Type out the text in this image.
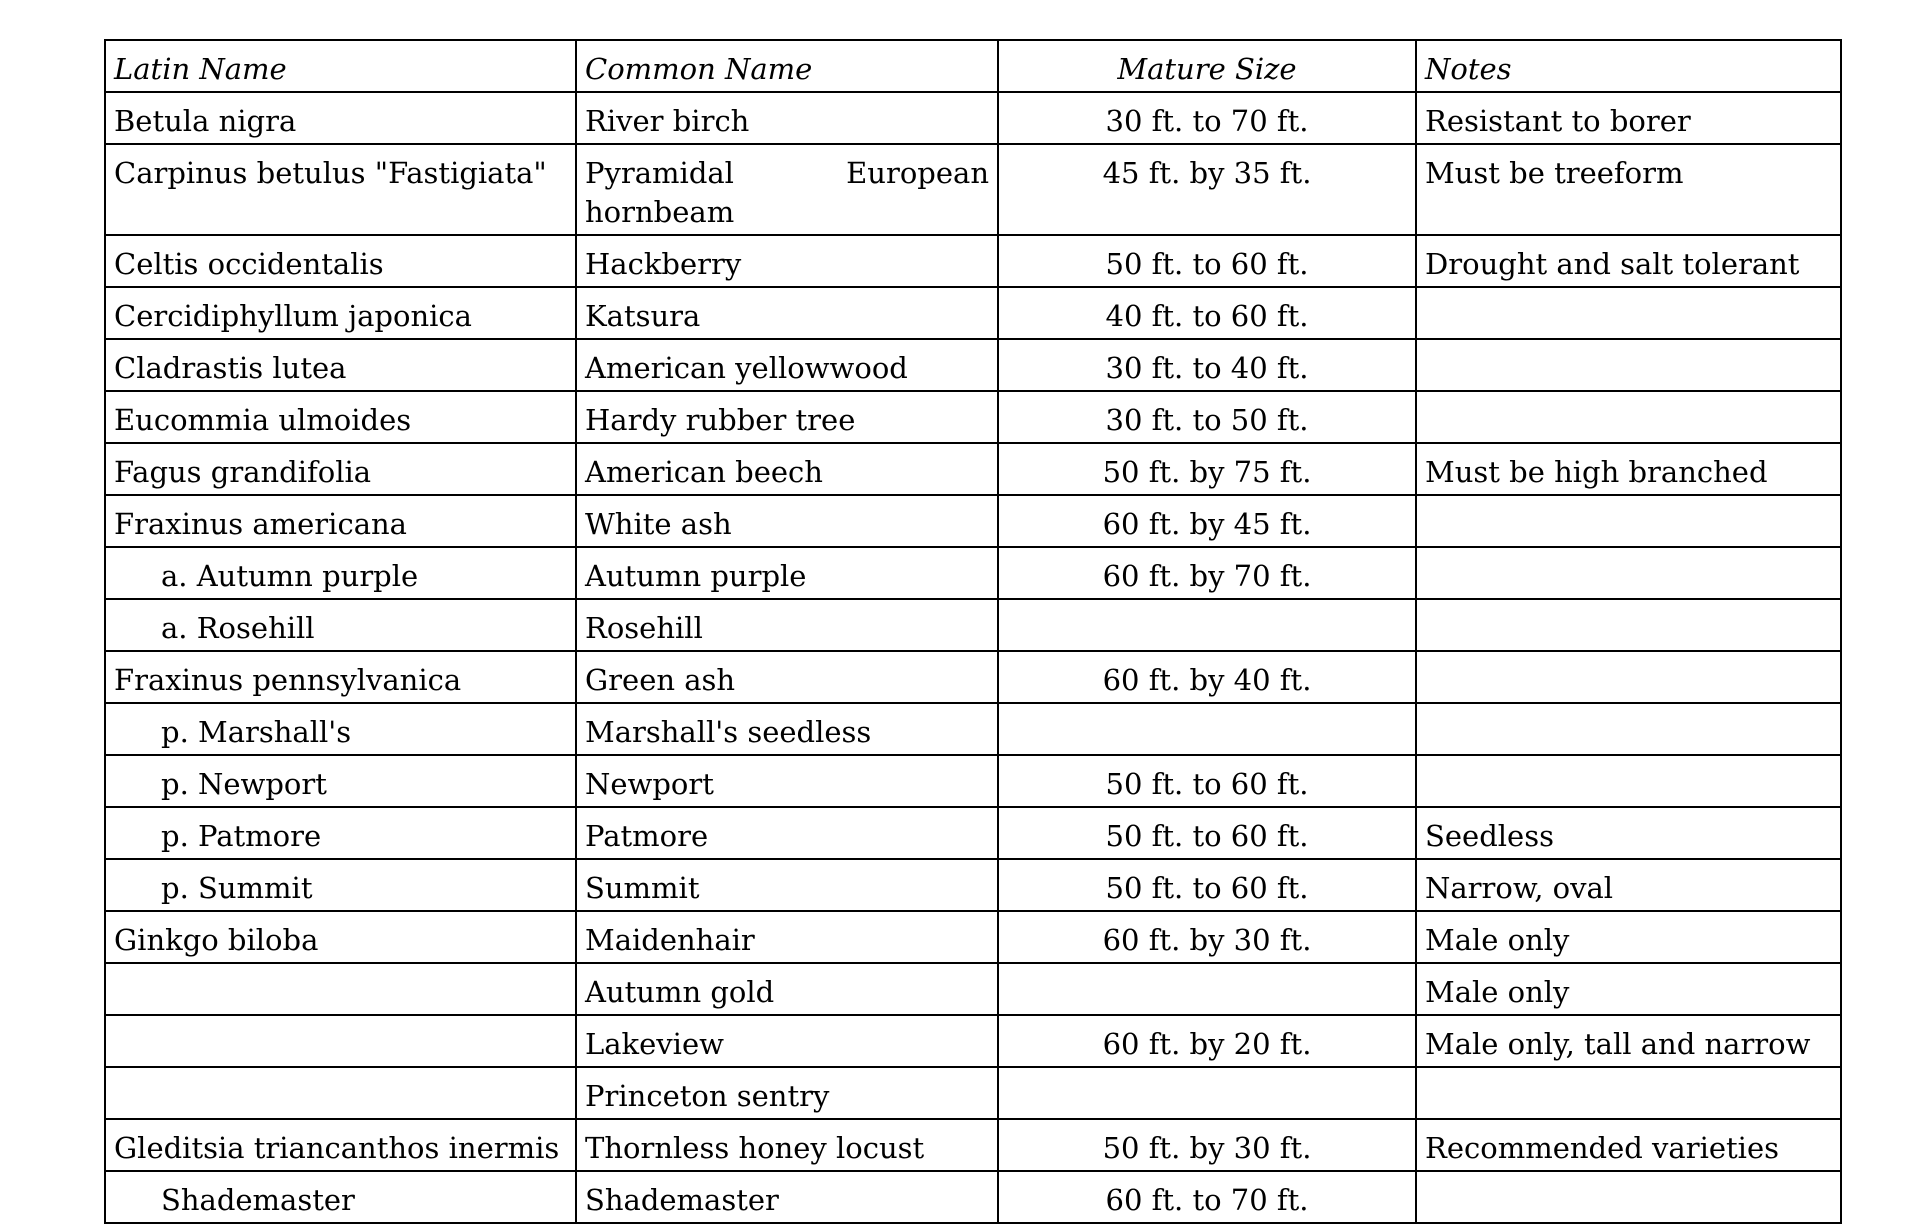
Latin Name	Common Name	Mature Size	Notes
Betula nigra	River birch	30 ft. to 70 ft.	Resistant to borer
Carpinus betulus "Fastigiata"	Pyramidal European hornbeam	45 ft. by 35 ft.	Must be treeform
Celtis occidentalis	Hackberry	50 ft. to 60 ft.	Drought and salt tolerant
Cercidiphyllum japonica	Katsura	40 ft. to 60 ft.	
Cladrastis lutea	American yellowwood	30 ft. to 40 ft.	
Eucommia ulmoides	Hardy rubber tree	30 ft. to 50 ft.	
Fagus grandifolia	American beech	50 ft. by 75 ft.	Must be high branched
Fraxinus americana	White ash	60 ft. by 45 ft.	
a. Autumn purple	Autumn purple	60 ft. by 70 ft.	
a. Rosehill	Rosehill		
Fraxinus pennsylvanica	Green ash	60 ft. by 40 ft.	
p. Marshall's	Marshall's seedless		
p. Newport	Newport	50 ft. to 60 ft.	
p. Patmore	Patmore	50 ft. to 60 ft.	Seedless
p. Summit	Summit	50 ft. to 60 ft.	Narrow, oval
Ginkgo biloba	Maidenhair	60 ft. by 30 ft.	Male only
	Autumn gold		Male only
	Lakeview	60 ft. by 20 ft.	Male only, tall and narrow
	Princeton sentry		
Gleditsia triancanthos inermis	Thornless honey locust	50 ft. by 30 ft.	Recommended varieties
Shademaster	Shademaster	60 ft. to 70 ft.	
